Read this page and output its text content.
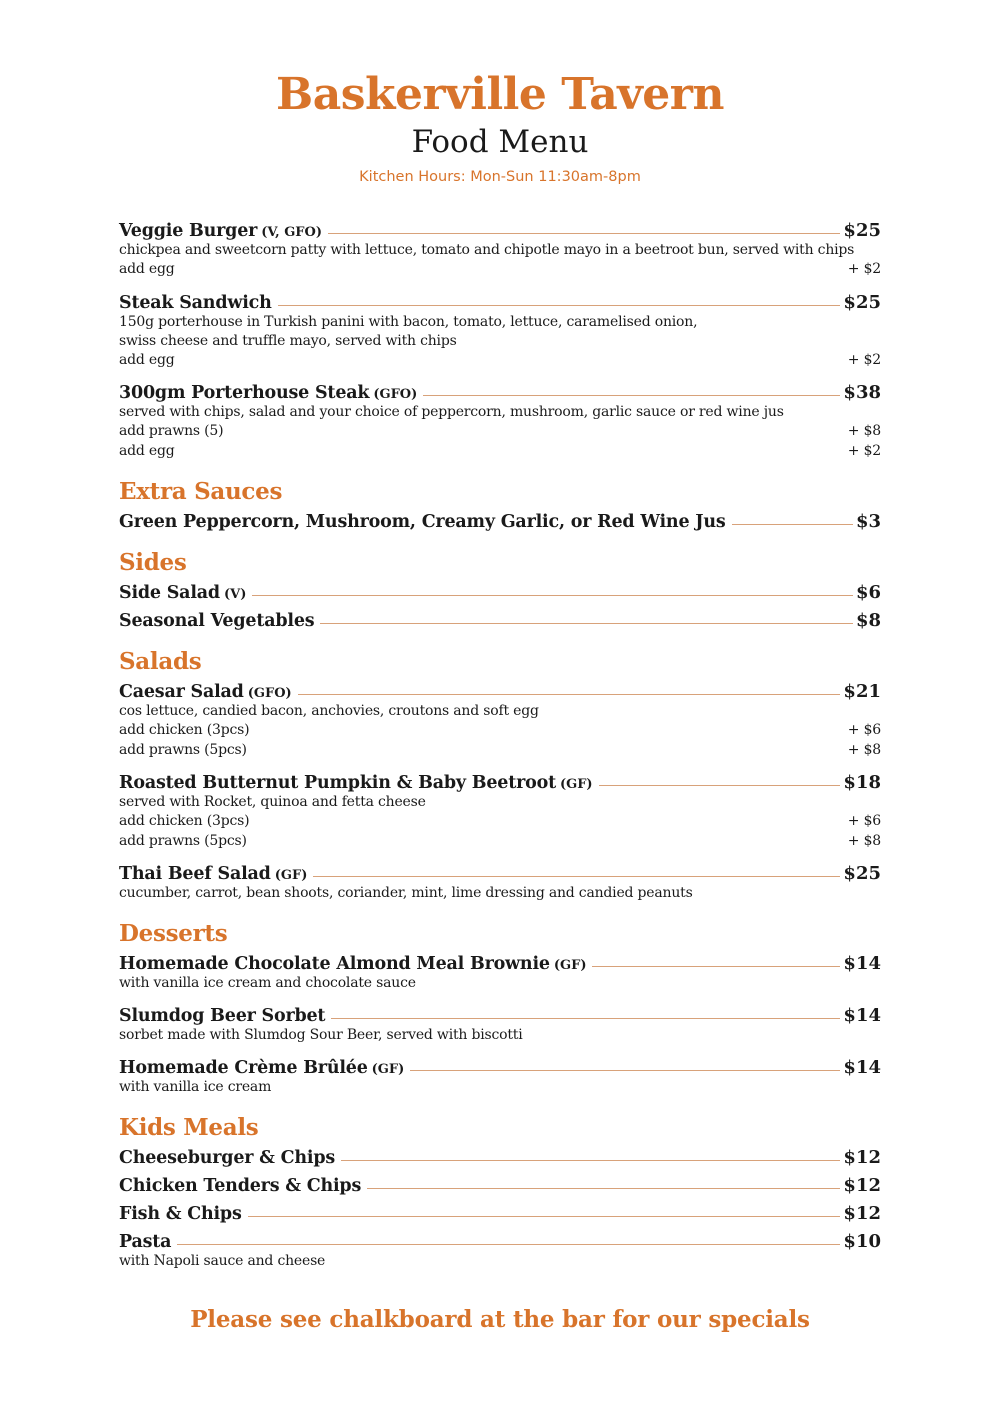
Baskerville Tavern
Food Menu
Kitchen Hours: Mon-Sun 11:30am-8pm
Veggie Burger (V, GFO)	$25
chickpea and sweetcorn patty with lettuce, tomato and chipotle mayo in a beetroot bun, served with chips
add egg	+ $2
Steak Sandwich	$25
150g porterhouse in Turkish panini with bacon, tomato, lettuce, caramelised onion,
swiss cheese and truffle mayo, served with chips
add egg	+ $2
300gm Porterhouse Steak (GFO)	$38
served with chips, salad and your choice of peppercorn, mushroom, garlic sauce or red wine jus
add prawns (5)	+ $8
add egg	+ $2
Extra Sauces
Green Peppercorn, Mushroom, Creamy Garlic, or Red Wine Jus	$3
Sides
Side Salad (V)	$6
Seasonal Vegetables	$8
Salads
Caesar Salad (GFO)	$21
cos lettuce, candied bacon, anchovies, croutons and soft egg
add chicken (3pcs)	+ $6
add prawns (5pcs)	+ $8
Roasted Butternut Pumpkin & Baby Beetroot (GF)	$18
served with Rocket, quinoa and fetta cheese
add chicken (3pcs)	+ $6
add prawns (5pcs)	+ $8
Thai Beef Salad (GF)	$25
cucumber, carrot, bean shoots, coriander, mint, lime dressing and candied peanuts
Desserts
Homemade Chocolate Almond Meal Brownie (GF)	$14
with vanilla ice cream and chocolate sauce
Slumdog Beer Sorbet	$14
sorbet made with Slumdog Sour Beer, served with biscotti
Homemade Crème Brûlée (GF)	$14
with vanilla ice cream
Kids Meals
Cheeseburger & Chips	$12
Chicken Tenders & Chips	$12
Fish & Chips	$12
Pasta	$10
with Napoli sauce and cheese
Please see chalkboard at the bar for our specials
